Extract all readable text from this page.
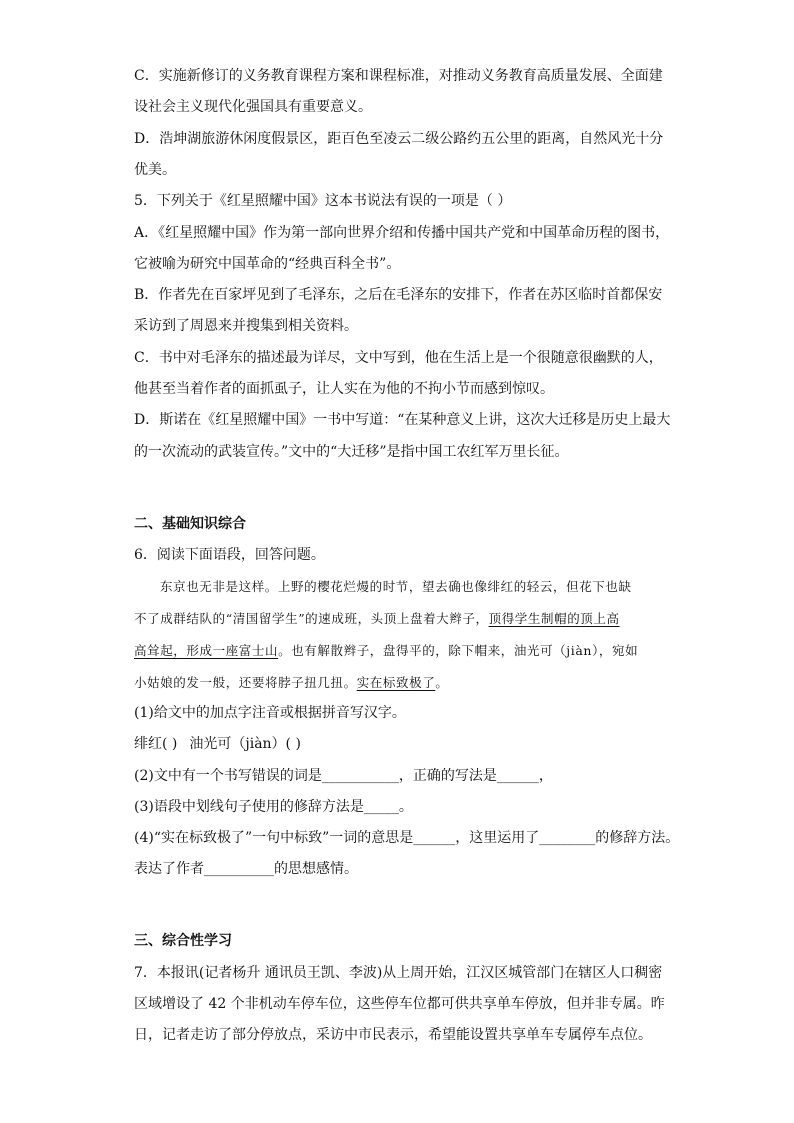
C．实施新修订的义务教育课程方案和课程标准，对推动义务教育高质量发展、全面建
设社会主义现代化强国具有重要意义。
D．浩坤湖旅游休闲度假景区，距百色至凌云二级公路约五公里的距离，自然风光十分
优美。
5．下列关于《红星照耀中国》这本书说法有误的一项是（ ）
A．《红星照耀中国》作为第一部向世界介绍和传播中国共产党和中国革命历程的图书，
它被喻为研究中国革命的“经典百科全书”。
B．作者先在百家坪见到了毛泽东，之后在毛泽东的安排下，作者在苏区临时首都保安
采访到了周恩来并搜集到相关资料。
C．书中对毛泽东的描述最为详尽，文中写到，他在生活上是一个很随意很幽默的人，
他甚至当着作者的面抓虱子，让人实在为他的不拘小节而感到惊叹。
D．斯诺在《红星照耀中国》一书中写道：“在某种意义上讲，这次大迁移是历史上最大
的一次流动的武装宣传。”文中的“大迁移”是指中国工农红军万里长征。
二、基础知识综合
6．阅读下面语段，回答问题。
东京也无非是这样。上野的樱花烂熳的时节，望去确也像绯红的轻云，但花下也缺
不了成群结队的“清国留学生”的速成班，头顶上盘着大辫子，顶得学生制帽的顶上高
高耸起，形成一座富士山。也有解散辫子，盘得平的，除下帽来，油光可（jiàn），宛如
小姑娘的发一般，还要将脖子扭几扭。实在标致极了。
(1)给文中的加点字注音或根据拼音写汉字。
绯红( ) 油光可（jiàn）( )
(2)文中有一个书写错误的词是___________，正确的写法是______，
(3)语段中划线句子使用的修辞方法是_____。
(4)“实在标致极了”一句中标致”一词的意思是______，这里运用了________的修辞方法。
表达了作者__________的思想感情。
三、综合性学习
7．本报讯(记者杨升 通讯员王凯、李波)从上周开始，江汉区城管部门在辖区人口稠密
区域增设了 42 个非机动车停车位，这些停车位都可供共享单车停放，但并非专属。昨
日，记者走访了部分停放点，采访中市民表示，希望能设置共享单车专属停车点位。
